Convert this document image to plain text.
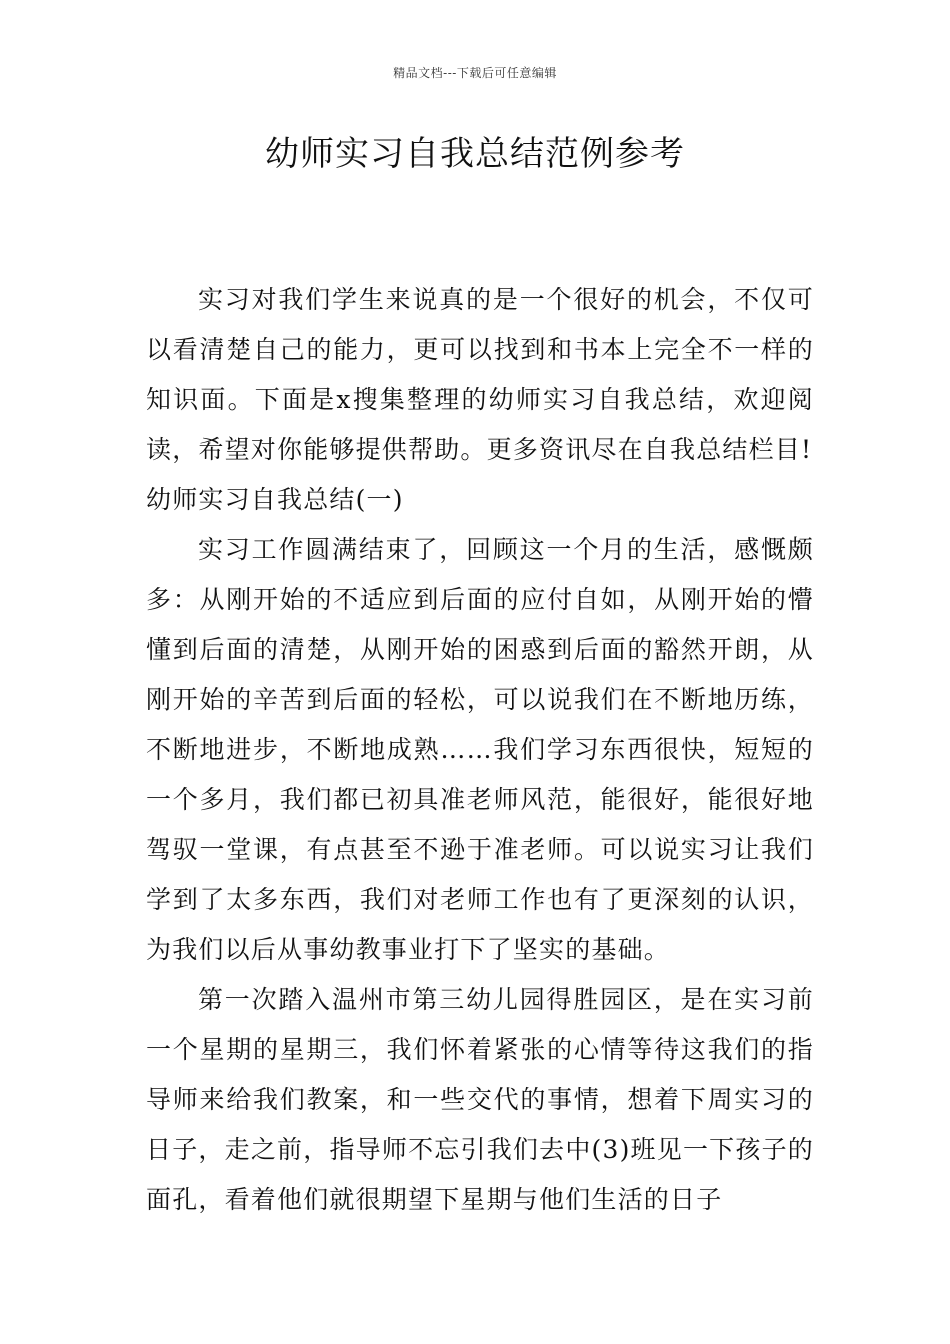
精品文档---下载后可任意编辑
幼师实习自我总结范例参考

实习对我们学生来说真的是一个很好的机会，不仅可以看清楚自己的能力，更可以找到和书本上完全不一样的知识面。下面是x搜集整理的幼师实习自我总结，欢迎阅读，希望对你能够提供帮助。更多资讯尽在自我总结栏目!

幼师实习自我总结(一)

实习工作圆满结束了，回顾这一个月的生活，感慨颇多：从刚开始的不适应到后面的应付自如，从刚开始的懵懂到后面的清楚，从刚开始的困惑到后面的豁然开朗，从刚开始的辛苦到后面的轻松，可以说我们在不断地历练，不断地进步，不断地成熟……我们学习东西很快，短短的一个多月，我们都已初具准老师风范，能很好，能很好地驾驭一堂课，有点甚至不逊于准老师。可以说实习让我们学到了太多东西，我们对老师工作也有了更深刻的认识，为我们以后从事幼教事业打下了坚实的基础。

第一次踏入温州市第三幼儿园得胜园区，是在实习前一个星期的星期三，我们怀着紧张的心情等待这我们的指导师来给我们教案，和一些交代的事情，想着下周实习的日子，走之前，指导师不忘引我们去中(3)班见一下孩子的面孔，看着他们就很期望下星期与他们生活的日子
